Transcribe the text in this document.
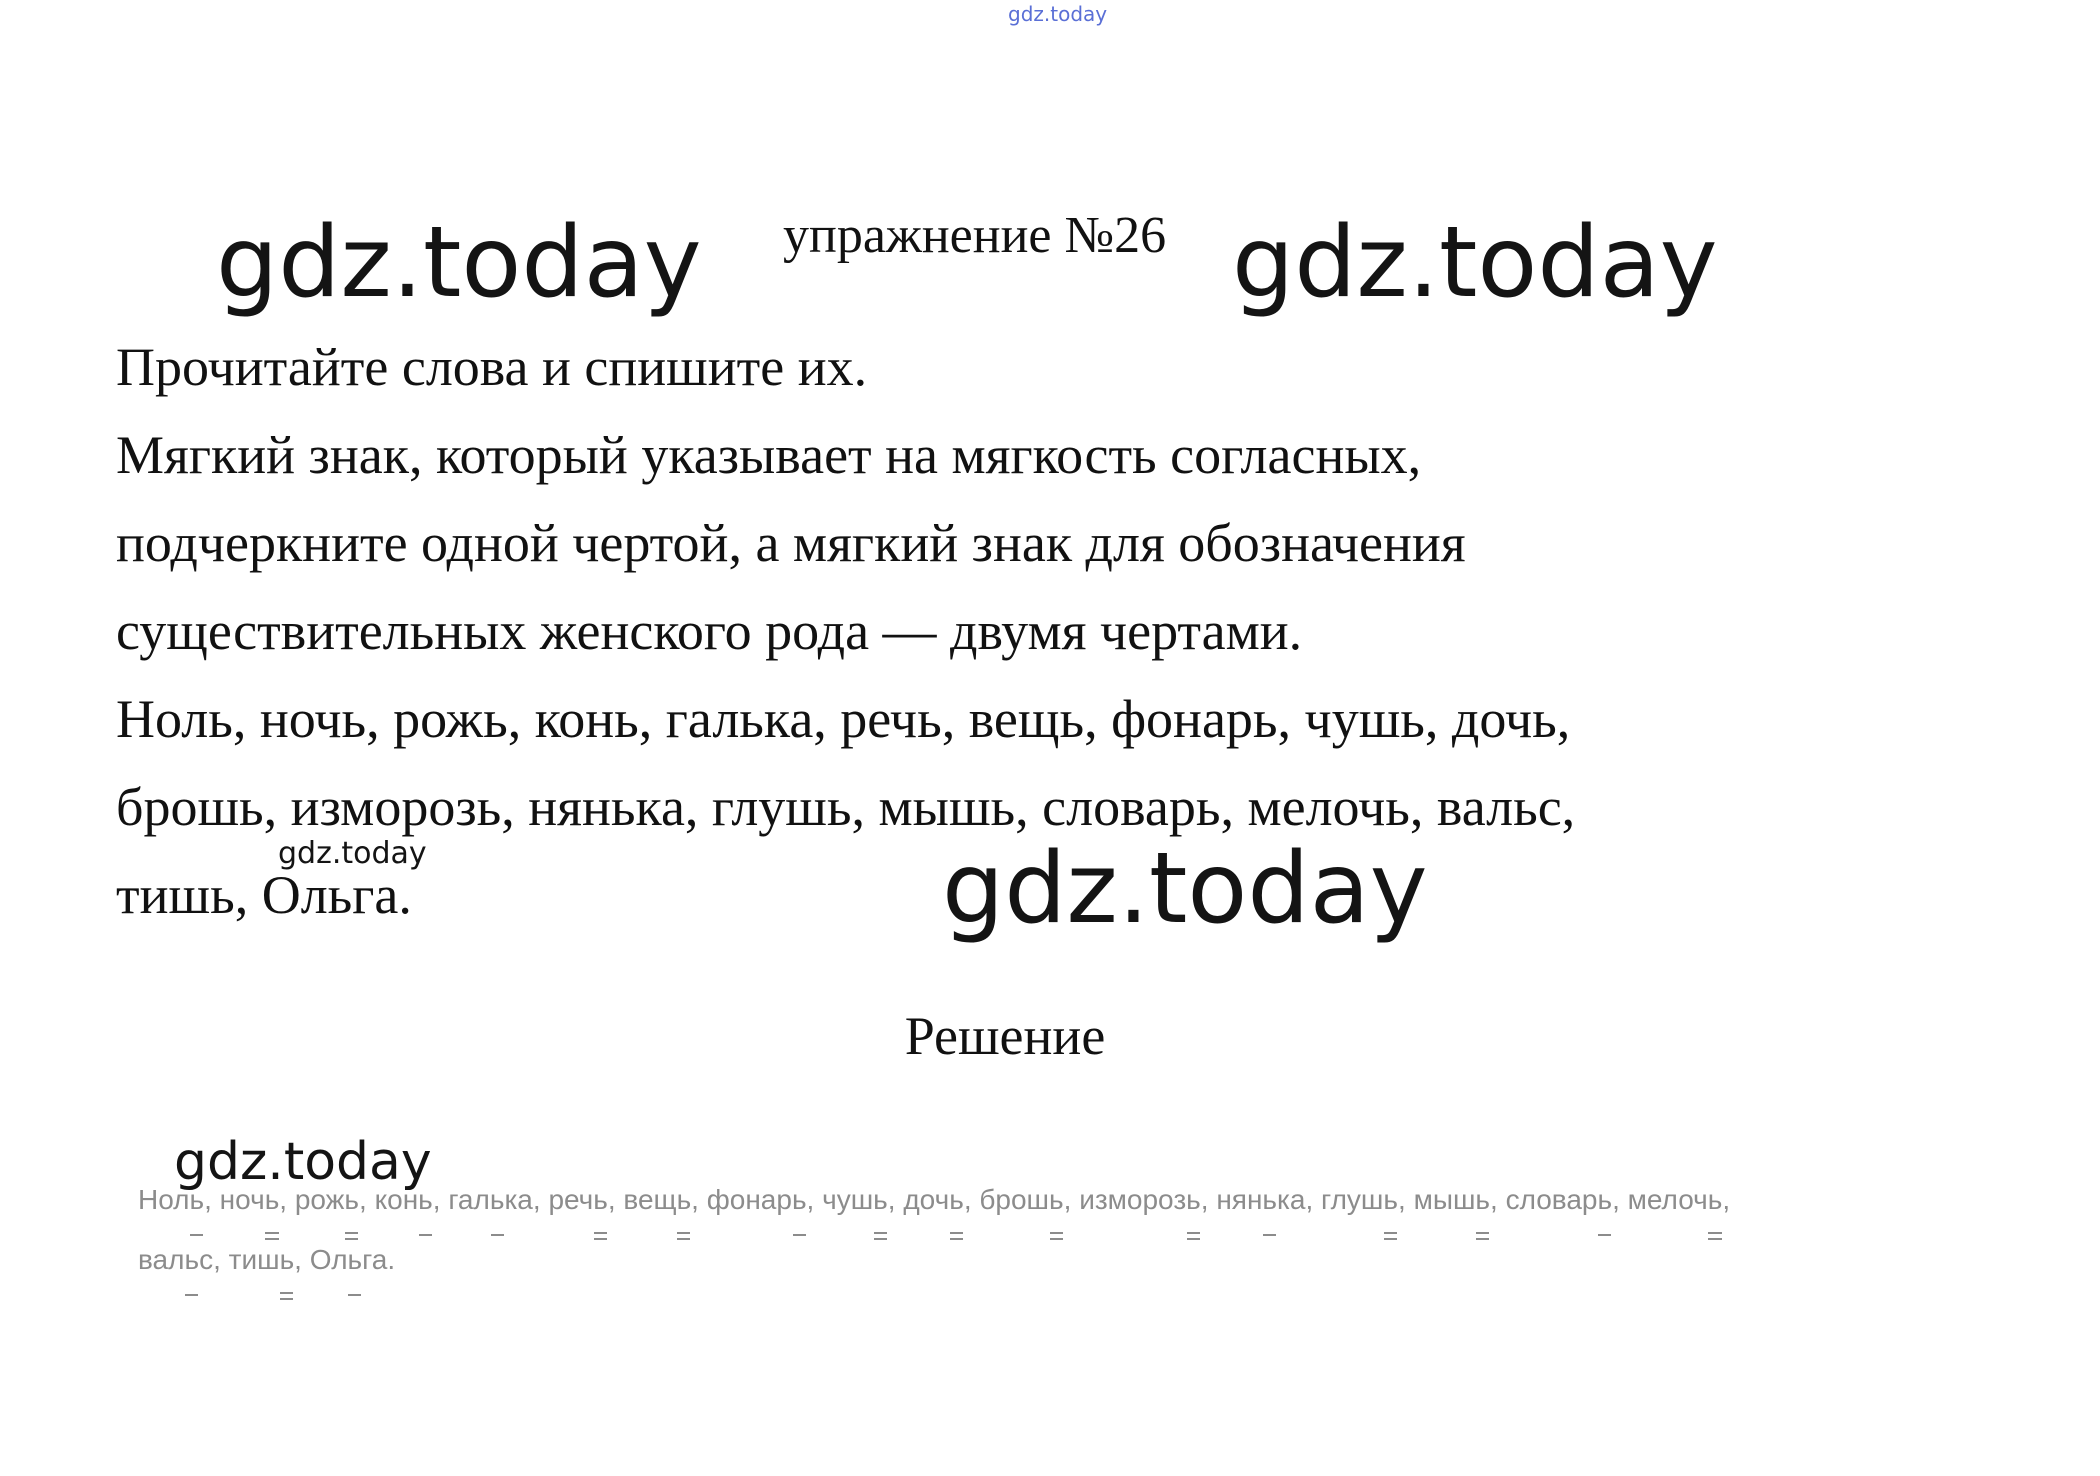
gdz.today
gdz.today упражнение №26 gdz.today
Прочитайте слова и спишите их.
Мягкий знак, который указывает на мягкость согласных,
подчеркните одной чертой, а мягкий знак для обозначения
существительных женского рода — двумя чертами.
Ноль, ночь, рожь, конь, галька, речь, вещь, фонарь, чушь, дочь,
брошь, изморозь, нянька, глушь, мышь, словарь, мелочь, вальс,
тишь, Ольга.
gdz.today	gdz.today
Решение
gdz.today
Ноль, ночь, рожь, конь, галька, речь, вещь, фонарь, чушь, дочь, брошь, изморозь, нянька, глушь, мышь, словарь, мелочь,
вальс, тишь, Ольга.
